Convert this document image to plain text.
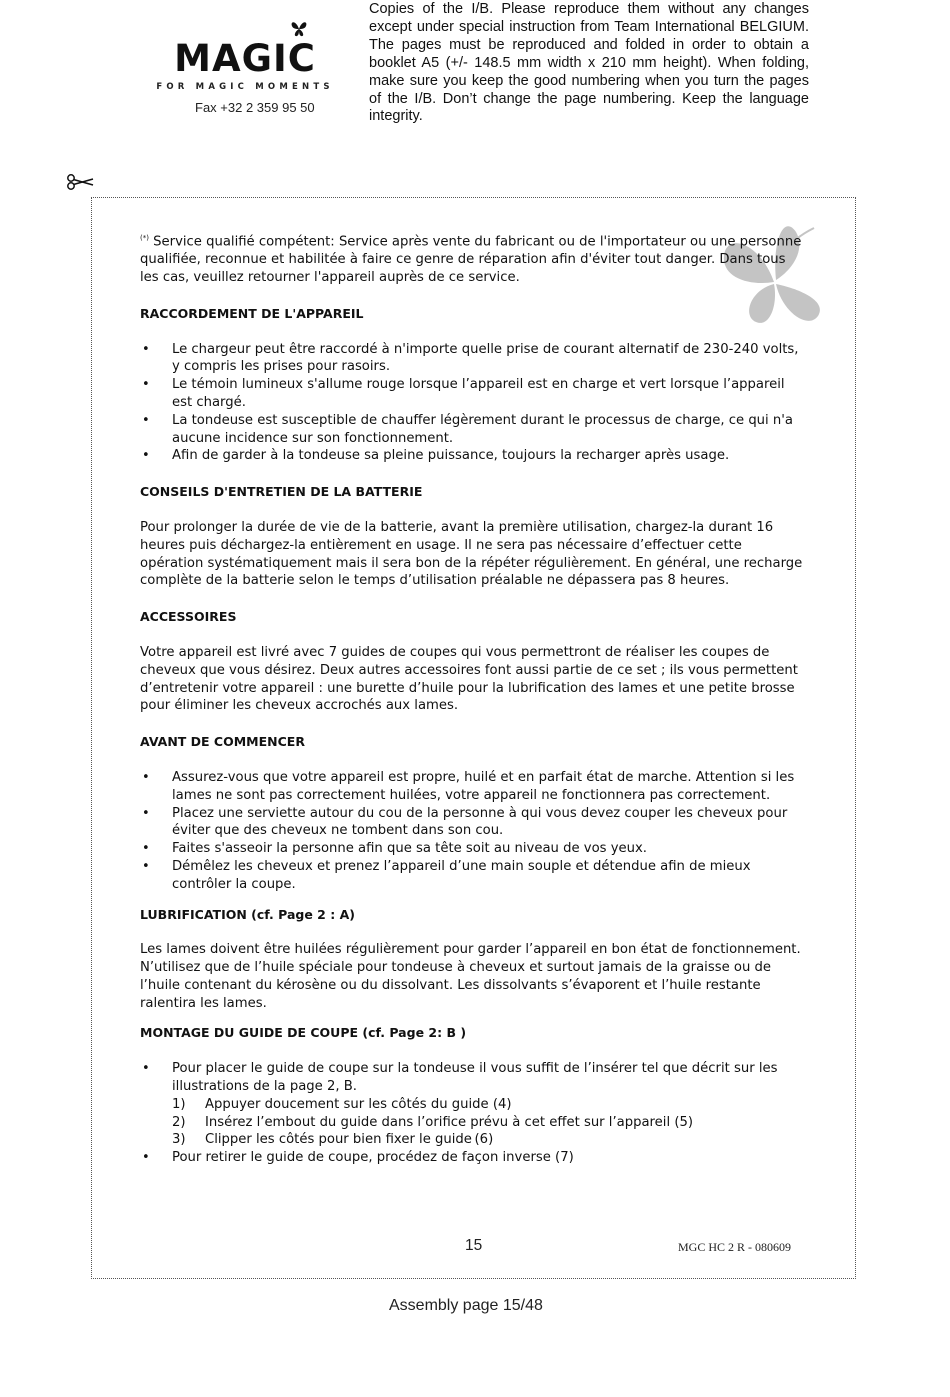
MAGIC
FOR MAGIC MOMENTS
Fax +32 2 359 95 50
Copies of the I/B. Please reproduce them without any changes except under special instruction from Team International BELGIUM. The pages must be reproduced and folded in order to obtain a booklet A5 (+/- 148.5 mm width x 210 mm height). When folding, make sure you keep the good numbering when you turn the pages of the I/B. Don’t change the page numbering. Keep the language integrity.

(*) Service qualifié compétent: Service après vente du fabricant ou de l'importateur ou une personne qualifiée, reconnue et habilitée à faire ce genre de réparation afin d'éviter tout danger. Dans tous les cas, veuillez retourner l'appareil auprès de ce service.

RACCORDEMENT DE L'APPAREIL

• Le chargeur peut être raccordé à n'importe quelle prise de courant alternatif de 230-240 volts, y compris les prises pour rasoirs.
• Le témoin lumineux s'allume rouge lorsque l’appareil est en charge et vert lorsque l’appareil est chargé.
• La tondeuse est susceptible de chauffer légèrement durant le processus de charge, ce qui n'a aucune incidence sur son fonctionnement.
• Afin de garder à la tondeuse sa pleine puissance, toujours la recharger après usage.

CONSEILS D'ENTRETIEN DE LA BATTERIE

Pour prolonger la durée de vie de la batterie, avant la première utilisation, chargez-la durant 16 heures puis déchargez-la entièrement en usage. Il ne sera pas nécessaire d’effectuer cette opération systématiquement mais il sera bon de la répéter régulièrement. En général, une recharge complète de la batterie selon le temps d’utilisation préalable ne dépassera pas 8 heures.

ACCESSOIRES

Votre appareil est livré avec 7 guides de coupes qui vous permettront de réaliser les coupes de cheveux que vous désirez. Deux autres accessoires font aussi partie de ce set ; ils vous permettent d’entretenir votre appareil : une burette d’huile pour la lubrification des lames et une petite brosse pour éliminer les cheveux accrochés aux lames.

AVANT DE COMMENCER

• Assurez-vous que votre appareil est propre, huilé et en parfait état de marche. Attention si les lames ne sont pas correctement huilées, votre appareil ne fonctionnera pas correctement.
• Placez une serviette autour du cou de la personne à qui vous devez couper les cheveux pour éviter que des cheveux ne tombent dans son cou.
• Faites s'asseoir la personne afin que sa tête soit au niveau de vos yeux.
• Démêlez les cheveux et prenez l’appareil d’une main souple et détendue afin de mieux contrôler la coupe.

LUBRIFICATION (cf. Page 2 : A)

Les lames doivent être huilées régulièrement pour garder l’appareil en bon état de fonctionnement. N’utilisez que de l’huile spéciale pour tondeuse à cheveux et surtout jamais de la graisse ou de l’huile contenant du kérosène ou du dissolvant. Les dissolvants s’évaporent et l’huile restante ralentira les lames.

MONTAGE DU GUIDE DE COUPE (cf. Page 2: B )

• Pour placer le guide de coupe sur la tondeuse il vous suffit de l’insérer tel que décrit sur les illustrations de la page 2, B.
1) Appuyer doucement sur les côtés du guide (4)
2) Insérez l’embout du guide dans l’orifice prévu à cet effet sur l’appareil (5)
3) Clipper les côtés pour bien fixer le guide (6)
• Pour retirer le guide de coupe, procédez de façon inverse (7)
15	MGC HC 2 R - 080609
Assembly page 15/48
